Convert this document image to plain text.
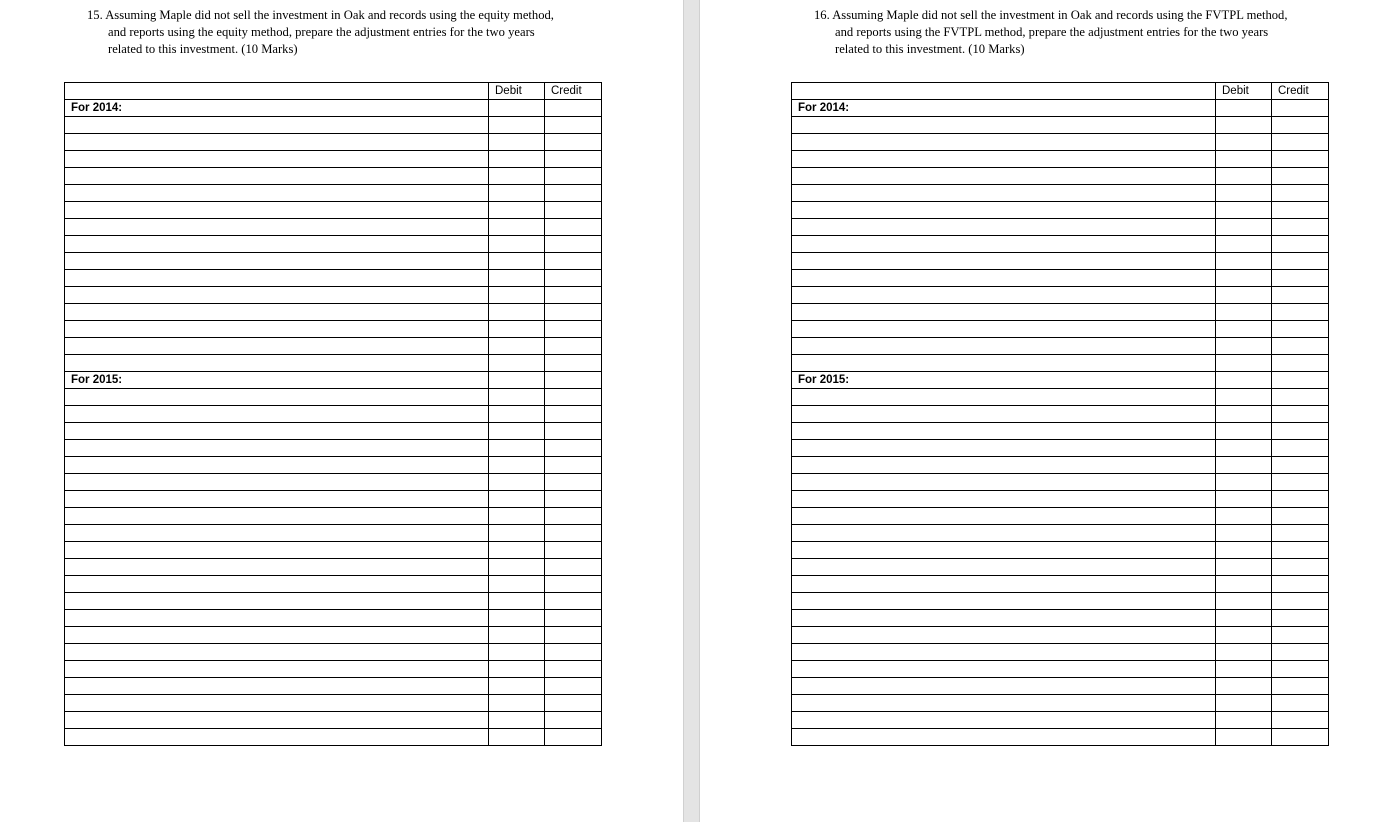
15. Assuming Maple did not sell the investment in Oak and records using the equity method,
and reports using the equity method, prepare the adjustment entries for the two years
related to this investment. (10 Marks)
	Debit	Credit
For 2014:		

For 2015:		

16. Assuming Maple did not sell the investment in Oak and records using the FVTPL method,
and reports using the FVTPL method, prepare the adjustment entries for the two years
related to this investment. (10 Marks)
	Debit	Credit
For 2014:		

For 2015:		
